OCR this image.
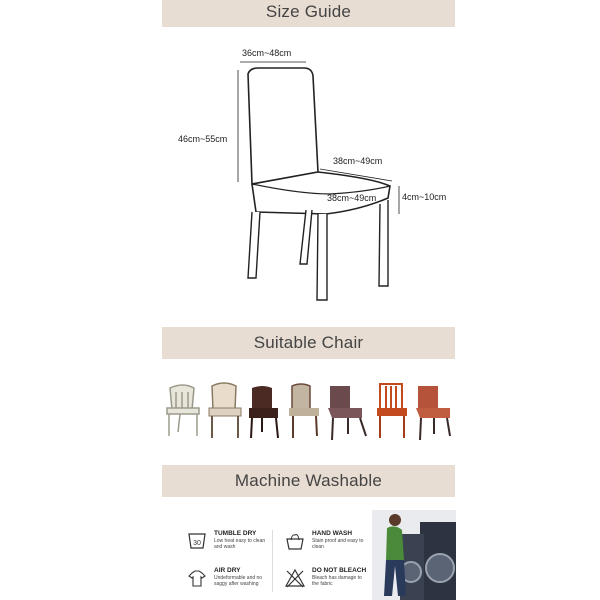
Size Guide
Suitable Chair
Machine Washable
36cm~48cm
46cm~55cm
38cm~49cm
38cm~49cm	4cm~10cm
30
TUMBLE DRY
Low heat easy to clean and wash
HAND WASH
Stain proof and easy to clean
AIR DRY
Undeformable and no saggy after washing
DO NOT BLEACH
Bleach has damage to the fabric
